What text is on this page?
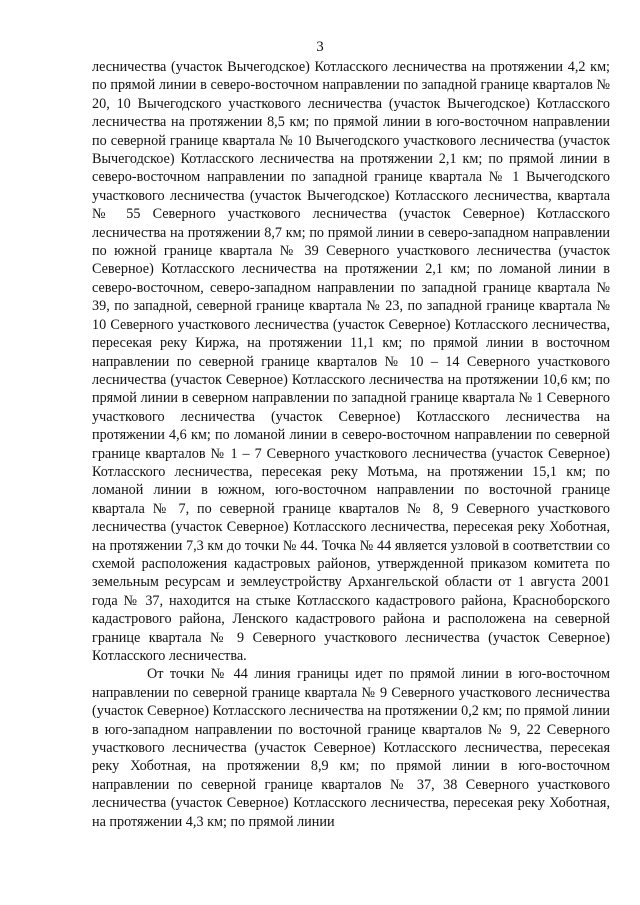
3

лесничества (участок Вычегодское) Котласского лесничества на протяжении 4,2 км; по прямой линии в северо-восточном направлении по западной границе кварталов № 20, 10 Вычегодского участкового лесничества (участок Вычегодское) Котласского лесничества на протяжении 8,5 км; по прямой линии в юго-восточном направлении по северной границе квартала № 10 Вычегодского участкового лесничества (участок Вычегодское) Котласского лесничества на протяжении 2,1 км; по прямой линии в северо-восточном направлении по западной границе квартала № 1 Вычегодского участкового лесничества (участок Вычегодское) Котласского лесничества, квартала № 55 Северного участкового лесничества (участок Северное) Котласского лесничества на протяжении 8,7 км; по прямой линии в северо-западном направлении по южной границе квартала № 39 Северного участкового лесничества (участок Северное) Котласского лесничества на протяжении 2,1 км; по ломаной линии в северо-восточном, северо-западном направлении по западной границе квартала № 39, по западной, северной границе квартала № 23, по западной границе квартала № 10 Северного участкового лесничества (участок Северное) Котласского лесничества, пересекая реку Киржа, на протяжении 11,1 км; по прямой линии в восточном направлении по северной границе кварталов № 10 – 14 Северного участкового лесничества (участок Северное) Котласского лесничества на протяжении 10,6 км; по прямой линии в северном направлении по западной границе квартала № 1 Северного участкового лесничества (участок Северное) Котласского лесничества на протяжении 4,6 км; по ломаной линии в северо-восточном направлении по северной границе кварталов № 1 – 7 Северного участкового лесничества (участок Северное) Котласского лесничества, пересекая реку Мотьма, на протяжении 15,1 км; по ломаной линии в южном, юго-восточном направлении по восточной границе квартала № 7, по северной границе кварталов № 8, 9 Северного участкового лесничества (участок Северное) Котласского лесничества, пересекая реку Хоботная, на протяжении 7,3 км до точки № 44. Точка № 44 является узловой в соответствии со схемой расположения кадастровых районов, утвержденной приказом комитета по земельным ресурсам и землеустройству Архангельской области от 1 августа 2001 года № 37, находится на стыке Котласского кадастрового района, Красноборского кадастрового района, Ленского кадастрового района и расположена на северной границе квартала № 9 Северного участкового лесничества (участок Северное) Котласского лесничества.

От точки № 44 линия границы идет по прямой линии в юго-восточном направлении по северной границе квартала № 9 Северного участкового лесничества (участок Северное) Котласского лесничества на протяжении 0,2 км; по прямой линии в юго-западном направлении по восточной границе кварталов № 9, 22 Северного участкового лесничества (участок Северное) Котласского лесничества, пересекая реку Хоботная, на протяжении 8,9 км; по прямой линии в юго-восточном направлении по северной границе кварталов № 37, 38 Северного участкового лесничества (участок Северное) Котласского лесничества, пересекая реку Хоботная, на протяжении 4,3 км; по прямой линии
